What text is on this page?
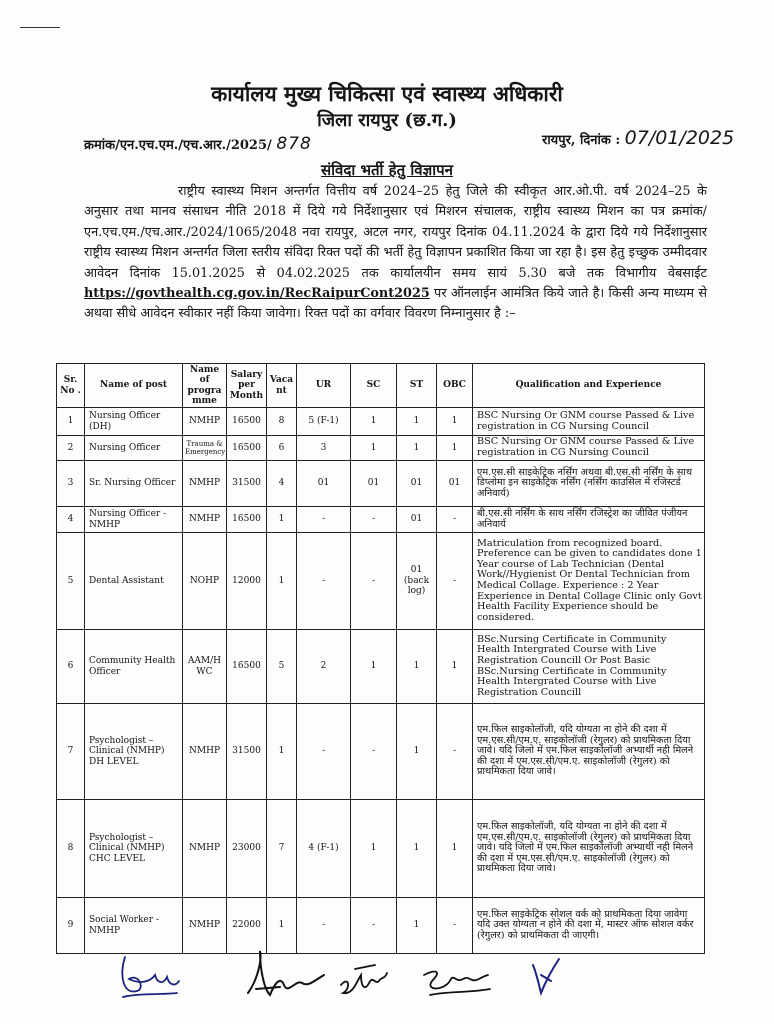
कार्यालय मुख्य चिकित्सा एवं स्वास्थ्य अधिकारी
जिला रायपुर (छ.ग.)
क्रमांक/एन.एच.एम./एच.आर./2025/ 878	रायपुर, दिनांक : 07/01/2025
संविदा भर्ती हेतु विज्ञापन

राष्ट्रीय स्वास्थ्य मिशन अन्तर्गत वित्तीय वर्ष 2024–25 हेतु जिले की स्वीकृत आर.ओ.पी. वर्ष 2024–25 के अनुसार तथा मानव संसाधन नीति 2018 में दिये गये निर्देशानुसार एवं मिशरन संचालक, राष्ट्रीय स्वास्थ्य मिशन का पत्र क्रमांक/एन.एच.एम./एच.आर./2024/1065/2048 नवा रायपुर, अटल नगर, रायपुर दिनांक 04.11.2024 के द्वारा दिये गये निर्देशानुसार राष्ट्रीय स्वास्थ्य मिशन अन्तर्गत जिला स्तरीय संविदा रिक्त पदों की भर्ती हेतु विज्ञापन प्रकाशित किया जा रहा है। इस हेतु इच्छुक उम्मीदवार आवेदन दिनांक 15.01.2025 से 04.02.2025 तक कार्यालयीन समय सायं 5.30 बजे तक विभागीय वेबसाईट https://govthealth.cg.gov.in/RecRaipurCont2025 पर ऑनलाईन आमंत्रित किये जाते है। किसी अन्य माध्यम से अथवा सीधे आवेदन स्वीकार नहीं किया जावेगा। रिक्त पदों का वर्गवार विवरण निम्नानुसार है :–

Sr. No .	Name of post	Name of progra mme	Salary per Month	Vaca nt	UR	SC	ST	OBC	Qualification and Experience
1	Nursing Officer (DH)	NMHP	16500	8	5 (F-1)	1	1	1	BSC Nursing Or GNM course Passed & Live registration in CG Nursing Council
2	Nursing Officer	Trauma & Emergency	16500	6	3	1	1	1	BSC Nursing Or GNM course Passed & Live registration in CG Nursing Council
3	Sr. Nursing Officer	NMHP	31500	4	01	01	01	01	एम.एस.सी साइकेट्रिक नर्सिंग अथवा बी.एस.सी नर्सिंग के साथ डिप्लोमा इन साइकेट्रिक नर्सिंग (नर्सिंग काउसिल में रजिस्टर्ड अनिवार्य)
4	Nursing Officer - NMHP	NMHP	16500	1	-	-	01	-	बी.एस.सी नर्सिंग के साथ नर्सिंग रजिस्ट्रेश का जीवित पंजीयन अनिवार्य
5	Dental Assistant	NOHP	12000	1	-	-	01 (back log)	-	Matriculation from recognized board. Preference can be given to candidates done 1 Year course of Lab Technician (Dental Work//Hygienist Or Dental Technician from Medical Collage. Experience : 2 Year Experience in Dental Collage Clinic only Govt Health Facility Experience should be considered.
6	Community Health Officer	AAM/H WC	16500	5	2	1	1	1	BSc.Nursing Certificate in Community Health Intergrated Course with Live Registration Councill Or Post Basic BSc.Nursing Certificate in Community Health Intergrated Course with Live Registration Councill
7	Psychologist – Clinical (NMHP) DH LEVEL	NMHP	31500	1	-	-	1	-	एम.फिल साइकोलॉजी, यदि योग्यता ना होने की दशा में एम.एस.सी/एम.ए. साइकोलॉजी (रेगुलर) को प्राथमिकता दिया जावे। यदि जिलो में एम.फिल साइकोलॉजी अभ्यार्थी नही मिलने की दशा में एम.एस.सी/एम.ए. साइकोलॉजी (रेगुलर) को प्राथमिकता दिया जावे।
8	Psychologist – Clinical (NMHP) CHC LEVEL	NMHP	23000	7	4 (F-1)	1	1	1	एम.फिल साइकोलॉजी, यदि योग्यता ना होने की दशा में एम.एस.सी/एम.ए. साइकोलॉजी (रेगुलर) को प्राथमिकता दिया जावे। यदि जिलो में एम.फिल साइकोलॉजी अभ्यार्थी नही मिलने की दशा में एम.एस.सी/एम.ए. साइकोलॉजी (रेगुलर) को प्राथमिकता दिया जावे।
9	Social Worker - NMHP	NMHP	22000	1	-	-	1	-	एम.फिल साइकेट्रिक सोशल वर्क को प्राथमिकता दिया जावेगा यदि उक्त योग्यता न होने की दशा में, मास्टर ऑफ सोशल वर्कर (रेगुलर) को प्राथमिकता दी जाएगी।
